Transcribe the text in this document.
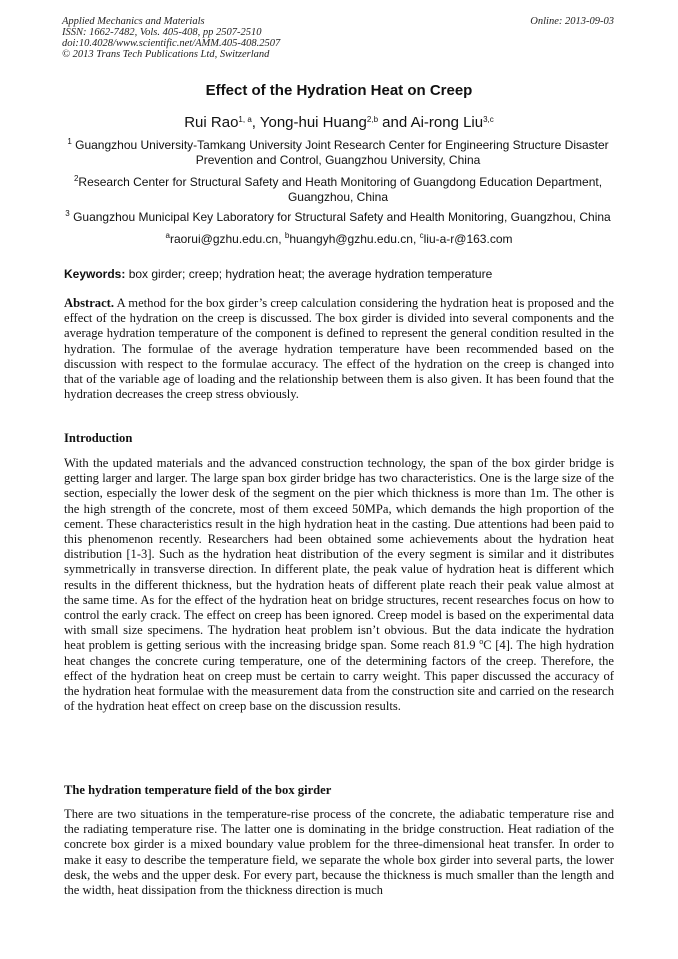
Applied Mechanics and Materials
ISSN: 1662-7482, Vols. 405-408, pp 2507-2510
doi:10.4028/www.scientific.net/AMM.405-408.2507
© 2013 Trans Tech Publications Ltd, Switzerland
Online: 2013-09-03
Effect of the Hydration Heat on Creep
Rui Rao$^{1, a}$, Yong-hui Huang$^{2,b}$ and Ai-rong Liu$^{3,c}$
$^1$ Guangzhou University-Tamkang University Joint Research Center for Engineering Structure Disaster Prevention and Control, Guangzhou University, China
$^2$Research Center for Structural Safety and Heath Monitoring of Guangdong Education Department, Guangzhou, China
$^3$ Guangzhou Municipal Key Laboratory for Structural Safety and Health Monitoring, Guangzhou, China
$^a$raorui@gzhu.edu.cn, $^b$huangyh@gzhu.edu.cn, $^c$liu-a-r@163.com
Keywords: box girder; creep; hydration heat; the average hydration temperature

Abstract. A method for the box girder’s creep calculation considering the hydration heat is proposed and the effect of the hydration on the creep is discussed. The box girder is divided into several components and the average hydration temperature of the component is defined to represent the general condition resulted in the hydration. The formulae of the average hydration temperature have been recommended based on the discussion with respect to the formulae accuracy. The effect of the hydration on the creep is changed into that of the variable age of loading and the relationship between them is also given. It has been found that the hydration decreases the creep stress obviously.

Introduction

With the updated materials and the advanced construction technology, the span of the box girder bridge is getting larger and larger. The large span box girder bridge has two characteristics. One is the large size of the section, especially the lower desk of the segment on the pier which thickness is more than 1m. The other is the high strength of the concrete, most of them exceed 50MPa, which demands the high proportion of the cement. These characteristics result in the high hydration heat in the casting. Due attentions had been paid to this phenomenon recently. Researchers had been obtained some achievements about the hydration heat distribution [1-3]. Such as the hydration heat distribution of the every segment is similar and it distributes symmetrically in transverse direction. In different plate, the peak value of hydration heat is different which results in the different thickness, but the hydration heats of different plate reach their peak value almost at the same time. As for the effect of the hydration heat on bridge structures, recent researches focus on how to control the early crack. The effect on creep has been ignored. Creep model is based on the experimental data with small size specimens. The hydration heat problem isn’t obvious. But the data indicate the hydration heat problem is getting serious with the increasing bridge span. Some reach 81.9 $^o$C [4]. The high hydration heat changes the concrete curing temperature, one of the determining factors of the creep. Therefore, the effect of the hydration heat on creep must be certain to carry weight. This paper discussed the accuracy of the hydration heat formulae with the measurement data from the construction site and carried on the research of the hydration heat effect on creep base on the discussion results.

The hydration temperature field of the box girder

There are two situations in the temperature-rise process of the concrete, the adiabatic temperature rise and the radiating temperature rise. The latter one is dominating in the bridge construction. Heat radiation of the concrete box girder is a mixed boundary value problem for the three-dimensional heat transfer. In order to make it easy to describe the temperature field, we separate the whole box girder into several parts, the lower desk, the webs and the upper desk. For every part, because the thickness is much smaller than the length and the width, heat dissipation from the thickness direction is much
